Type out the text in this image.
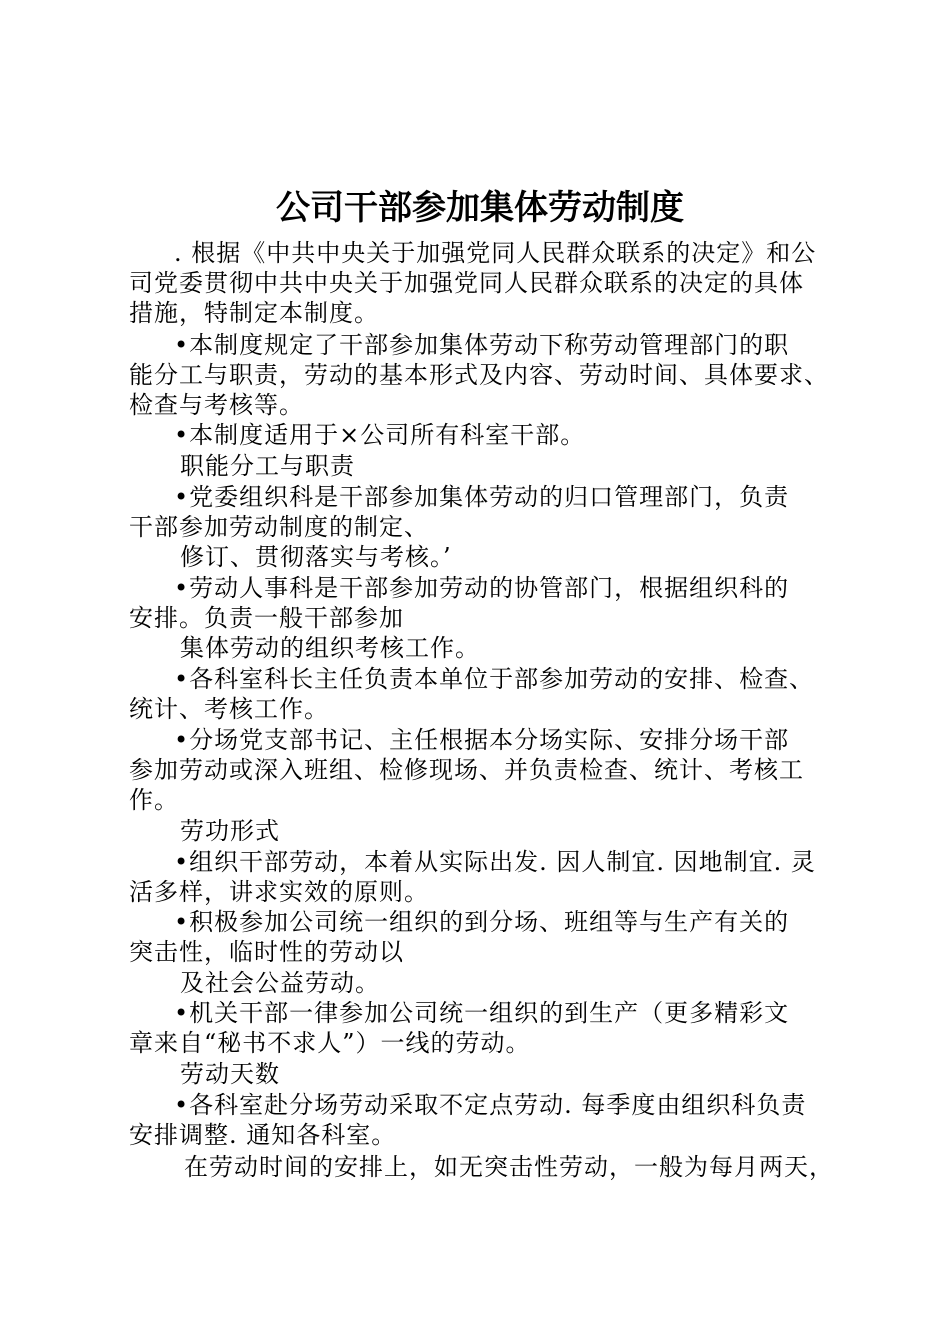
公司干部参加集体劳动制度
. 根据《中共中央关于加强党同人民群众联系的决定》和公
司党委贯彻中共中央关于加强党同人民群众联系的决定的具体
措施，特制定本制度。
•本制度规定了干部参加集体劳动下称劳动管理部门的职
能分工与职责，劳动的基本形式及内容、劳动时间、具体要求、
检查与考核等。
•本制度适用于×公司所有科室干部。
职能分工与职责
•党委组织科是干部参加集体劳动的归口管理部门，负责
干部参加劳动制度的制定、
修订、贯彻落实与考核。’
•劳动人事科是干部参加劳动的协管部门，根据组织科的
安排。负责一般干部参加
集体劳动的组织考核工作。
•各科室科长主任负责本单位于部参加劳动的安排、检查、
统计、考核工作。
•分场党支部书记、主任根据本分场实际、安排分场干部
参加劳动或深入班组、检修现场、并负责检查、统计、考核工
作。
劳功形式
•组织干部劳动，本着从实际出发. 因人制宜. 因地制宜. 灵
活多样，讲求实效的原则。
•积极参加公司统一组织的到分场、班组等与生产有关的
突击性，临时性的劳动以
及社会公益劳动。
•机关干部一律参加公司统一组织的到生产（更多精彩文
章来自“秘书不求人”）一线的劳动。
劳动天数
•各科室赴分场劳动采取不定点劳动. 每季度由组织科负责
安排调整. 通知各科室。
在劳动时间的安排上，如无突击性劳动，一般为每月两天，
